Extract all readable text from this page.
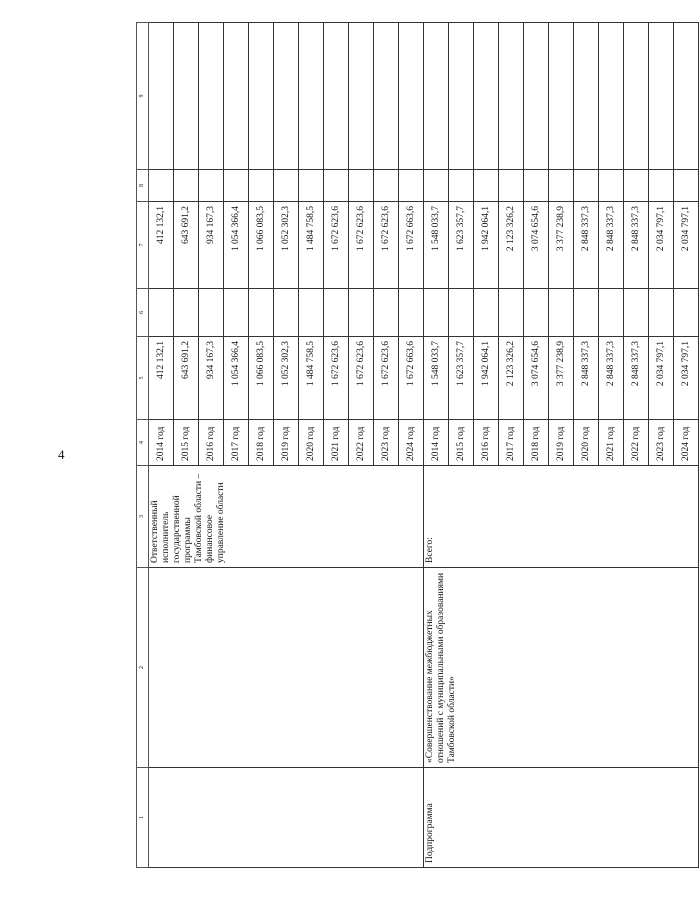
4
1	2	3	4	5	6	7	8	9
		Ответственный исполнитель государственной программы Тамбовской области – финансовое управление области	2014 год	412 132,1		412 132,1		
			2015 год	643 691,2		643 691,2		
			2016 год	934 167,3		934 167,3		
			2017 год	1 054 366,4		1 054 366,4		
			2018 год	1 066 083,5		1 066 083,5		
			2019 год	1 052 302,3		1 052 302,3		
			2020 год	1 484 758,5		1 484 758,5		
			2021 год	1 672 623,6		1 672 623,6		
			2022 год	1 672 623,6		1 672 623,6		
			2023 год	1 672 623,6		1 672 623,6		
			2024 год	1 672 663,6		1 672 663,6		
Подпрограмма	«Совершенствование межбюджетных отношений с муниципальными образованиями Тамбовской области»	Всего:	2014 год	1 548 033,7		1 548 033,7		
			2015 год	1 623 357,7		1 623 357,7		
			2016 год	1 942 064,1		1 942 064,1		
			2017 год	2 123 326,2		2 123 326,2		
			2018 год	3 074 654,6		3 074 654,6		
			2019 год	3 377 238,9		3 377 238,9		
			2020 год	2 848 337,3		2 848 337,3		
			2021 год	2 848 337,3		2 848 337,3		
			2022 год	2 848 337,3		2 848 337,3		
			2023 год	2 034 797,1		2 034 797,1		
			2024 год	2 034 797,1		2 034 797,1		
